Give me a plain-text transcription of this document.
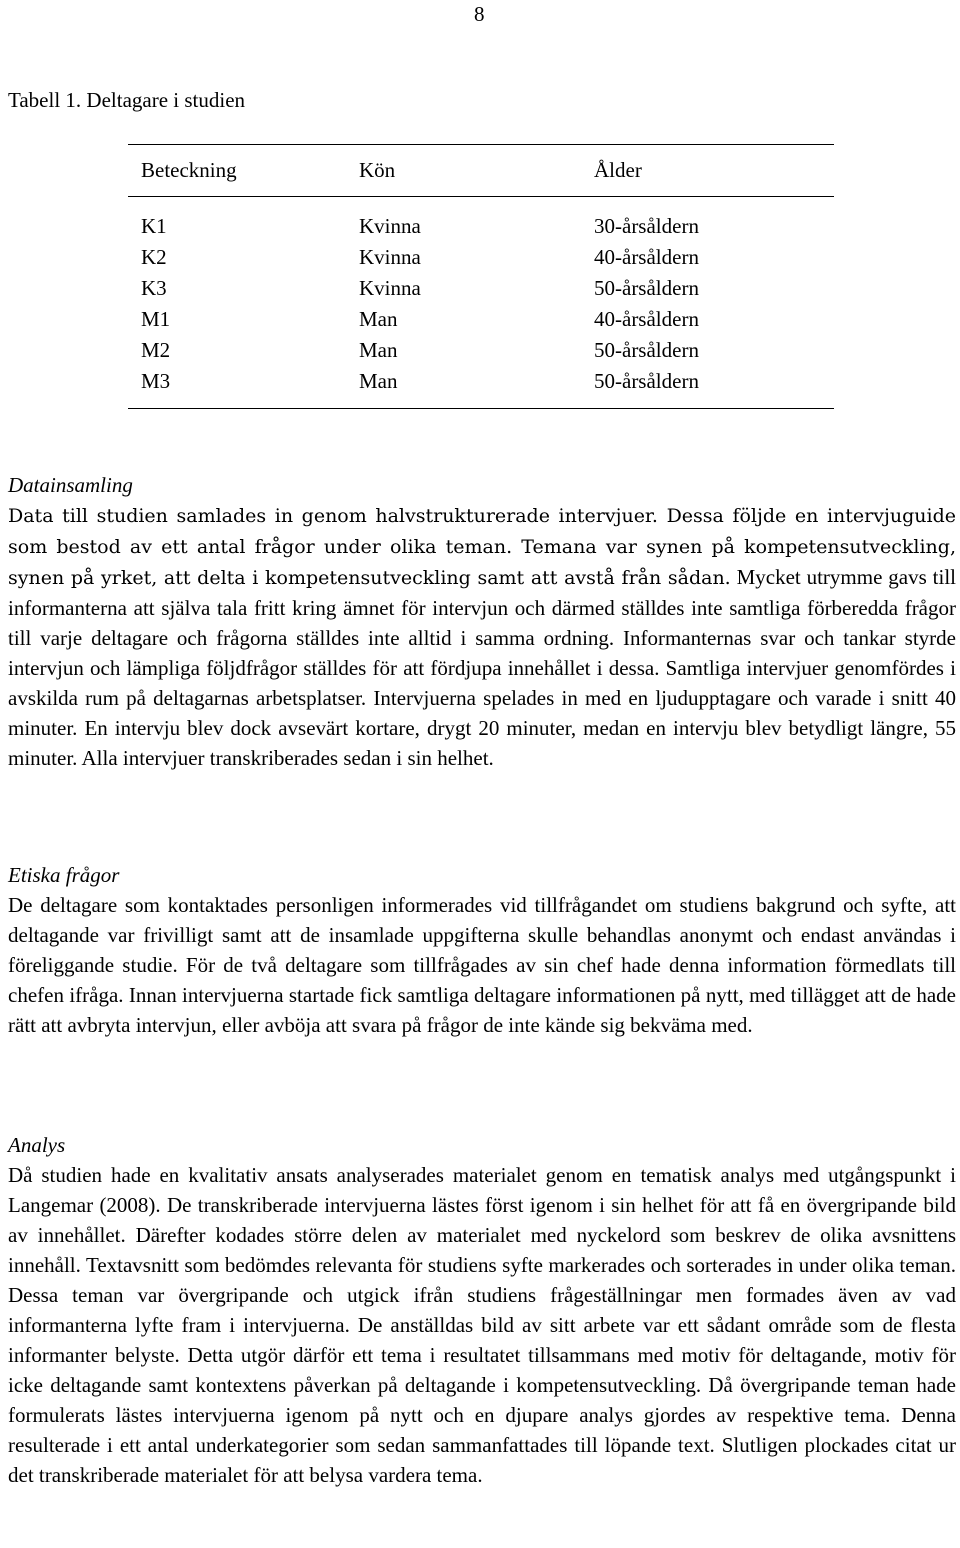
8
Tabell 1. Deltagare i studien
Beteckning	Kön	Ålder
K1	Kvinna	30-årsåldern
K2	Kvinna	40-årsåldern
K3	Kvinna	50-årsåldern
M1	Man	40-årsåldern
M2	Man	50-årsåldern
M3	Man	50-årsåldern
Datainsamling

Data till studien samlades in genom halvstrukturerade intervjuer. Dessa följde en intervjuguide som bestod av ett antal frågor under olika teman. Temana var synen på kompetensutveckling, synen på yrket, att delta i kompetensutveckling samt att avstå från sådan. Mycket utrymme gavs till informanterna att själva tala fritt kring ämnet för intervjun och därmed ställdes inte samtliga förberedda frågor till varje deltagare och frågorna ställdes inte alltid i samma ordning. Informanternas svar och tankar styrde intervjun och lämpliga följdfrågor ställdes för att fördjupa innehållet i dessa. Samtliga intervjuer genomfördes i avskilda rum på deltagarnas arbetsplatser. Intervjuerna spelades in med en ljudupptagare och varade i snitt 40 minuter. En intervju blev dock avsevärt kortare, drygt 20 minuter, medan en intervju blev betydligt längre, 55 minuter. Alla intervjuer transkriberades sedan i sin helhet.

Etiska frågor

De deltagare som kontaktades personligen informerades vid tillfrågandet om studiens bakgrund och syfte, att deltagande var frivilligt samt att de insamlade uppgifterna skulle behandlas anonymt och endast användas i föreliggande studie. För de två deltagare som tillfrågades av sin chef hade denna information förmedlats till chefen ifråga. Innan intervjuerna startade fick samtliga deltagare informationen på nytt, med tillägget att de hade rätt att avbryta intervjun, eller avböja att svara på frågor de inte kände sig bekväma med.

Analys

Då studien hade en kvalitativ ansats analyserades materialet genom en tematisk analys med utgångspunkt i Langemar (2008). De transkriberade intervjuerna lästes först igenom i sin helhet för att få en övergripande bild av innehållet. Därefter kodades större delen av materialet med nyckelord som beskrev de olika avsnittens innehåll. Textavsnitt som bedömdes relevanta för studiens syfte markerades och sorterades in under olika teman. Dessa teman var övergripande och utgick ifrån studiens frågeställningar men formades även av vad informanterna lyfte fram i intervjuerna. De anställdas bild av sitt arbete var ett sådant område som de flesta informanter belyste. Detta utgör därför ett tema i resultatet tillsammans med motiv för deltagande, motiv för icke deltagande samt kontextens påverkan på deltagande i kompetensutveckling. Då övergripande teman hade formulerats lästes intervjuerna igenom på nytt och en djupare analys gjordes av respektive tema. Denna resulterade i ett antal underkategorier som sedan sammanfattades till löpande text. Slutligen plockades citat ur det transkriberade materialet för att belysa vardera tema.
